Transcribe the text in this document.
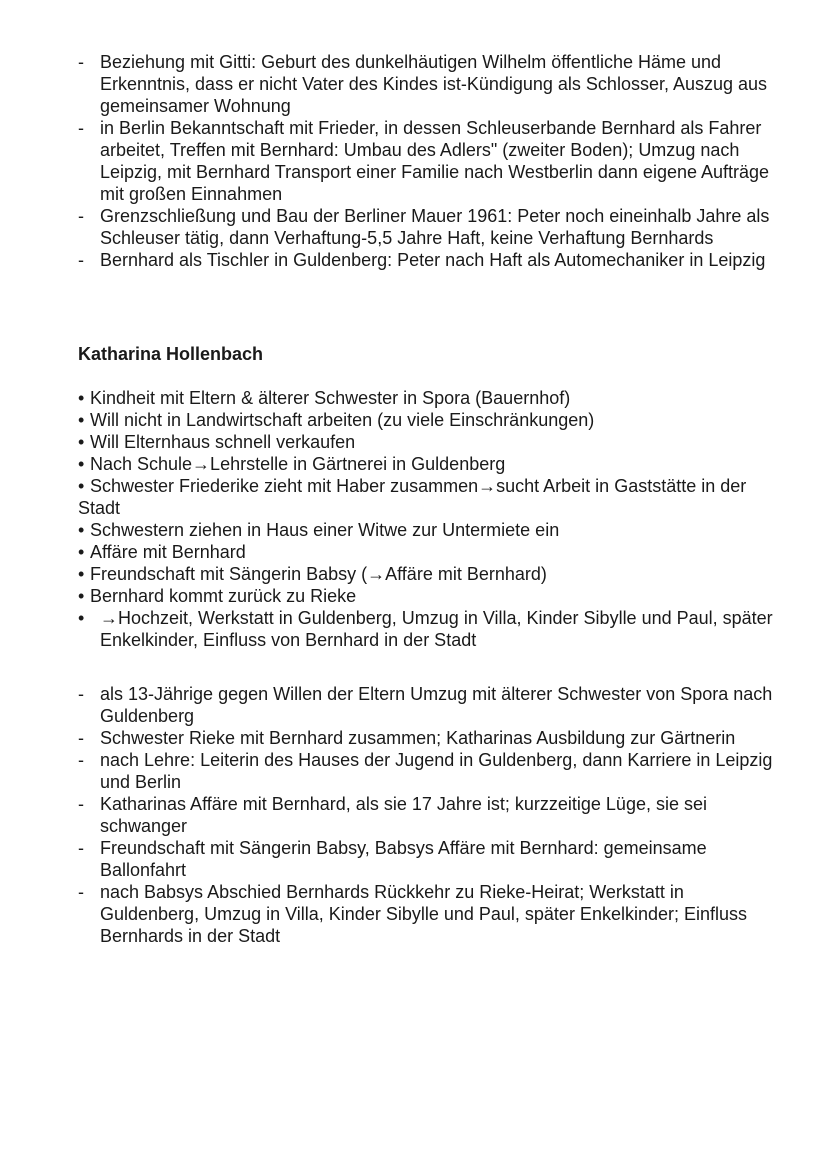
- Beziehung mit Gitti: Geburt des dunkelhäutigen Wilhelm öffentliche Häme und Erkenntnis, dass er nicht Vater des Kindes ist-Kündigung als Schlosser, Auszug aus gemeinsamer Wohnung
- in Berlin Bekanntschaft mit Frieder, in dessen Schleuserbande Bernhard als Fahrer arbeitet, Treffen mit Bernhard: Umbau des Adlers" (zweiter Boden); Umzug nach Leipzig, mit Bernhard Transport einer Familie nach Westberlin dann eigene Aufträge mit großen Einnahmen
- Grenzschließung und Bau der Berliner Mauer 1961: Peter noch eineinhalb Jahre als Schleuser tätig, dann Verhaftung-5,5 Jahre Haft, keine Verhaftung Bernhards
- Bernhard als Tischler in Guldenberg: Peter nach Haft als Automechaniker in Leipzig
Katharina Hollenbach
• Kindheit mit Eltern & älterer Schwester in Spora (Bauernhof)
• Will nicht in Landwirtschaft arbeiten (zu viele Einschränkungen)
• Will Elternhaus schnell verkaufen
• Nach Schule→Lehrstelle in Gärtnerei in Guldenberg
• Schwester Friederike zieht mit Haber zusammen→sucht Arbeit in Gaststätte in der Stadt
• Schwestern ziehen in Haus einer Witwe zur Untermiete ein
• Affäre mit Bernhard
• Freundschaft mit Sängerin Babsy (→Affäre mit Bernhard)
• Bernhard kommt zurück zu Rieke
• →Hochzeit, Werkstatt in Guldenberg, Umzug in Villa, Kinder Sibylle und Paul, später Enkelkinder, Einfluss von Bernhard in der Stadt
- als 13-Jährige gegen Willen der Eltern Umzug mit älterer Schwester von Spora nach Guldenberg
- Schwester Rieke mit Bernhard zusammen; Katharinas Ausbildung zur Gärtnerin
- nach Lehre: Leiterin des Hauses der Jugend in Guldenberg, dann Karriere in Leipzig und Berlin
- Katharinas Affäre mit Bernhard, als sie 17 Jahre ist; kurzzeitige Lüge, sie sei schwanger
- Freundschaft mit Sängerin Babsy, Babsys Affäre mit Bernhard: gemeinsame Ballonfahrt
- nach Babsys Abschied Bernhards Rückkehr zu Rieke-Heirat; Werkstatt in Guldenberg, Umzug in Villa, Kinder Sibylle und Paul, später Enkelkinder; Einfluss Bernhards in der Stadt
